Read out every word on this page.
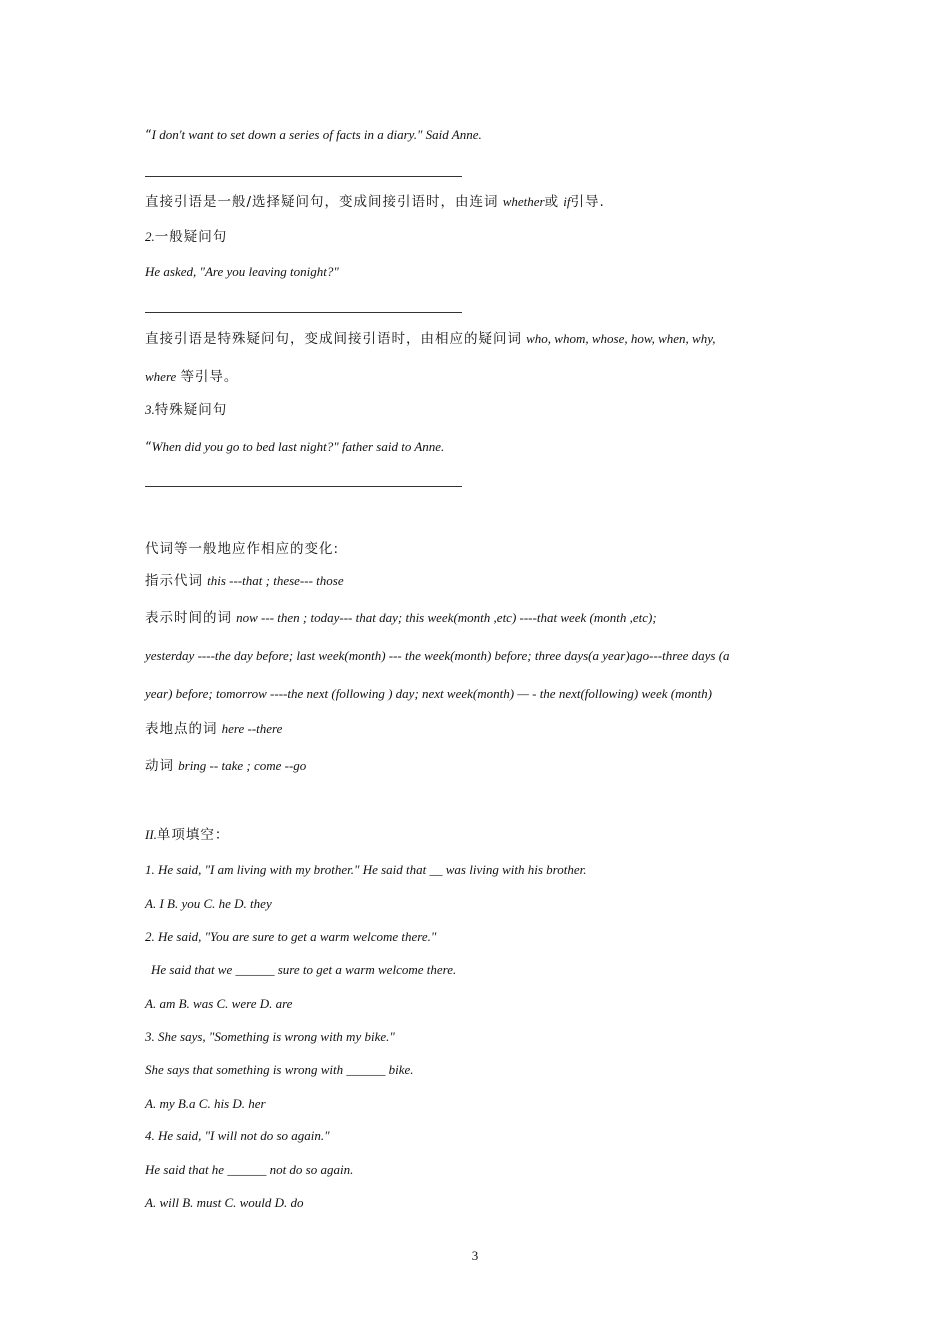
“I don't want to set down a series of facts in a diary." Said Anne.
直接引语是一般/选择疑问句，变成间接引语时，由连词 whether或 if引导.
2.一般疑问句
He asked, "Are you leaving tonight?"
直接引语是特殊疑问句，变成间接引语时，由相应的疑问词 who, whom, whose, how, when, why,
where 等引导。
3.特殊疑问句
“When did you go to bed last night?" father said to Anne.
代词等一般地应作相应的变化:
指示代词 this ---that ; these--- those
表示时间的词 now --- then ; today--- that day; this week(month ,etc) ----that week (month ,etc);
yesterday ----the day before; last week(month) --- the week(month) before; three days(a year)ago---three days (a
year) before; tomorrow ----the next (following ) day; next week(month) — - the next(following) week (month)
表地点的词 here --there
动词 bring -- take ; come --go
II.单项填空：
1. He said, "I am living with my brother." He said that __ was living with his brother.
A. I B. you C. he D. they
2. He said, "You are sure to get a warm welcome there."
He said that we ______ sure to get a warm welcome there.
A. am B. was C. were D. are
3. She says, "Something is wrong with my bike."
She says that something is wrong with ______ bike.
A. my B.a C. his D. her
4. He said, "I will not do so again."
He said that he ______ not do so again.
A. will B. must C. would D. do
3
